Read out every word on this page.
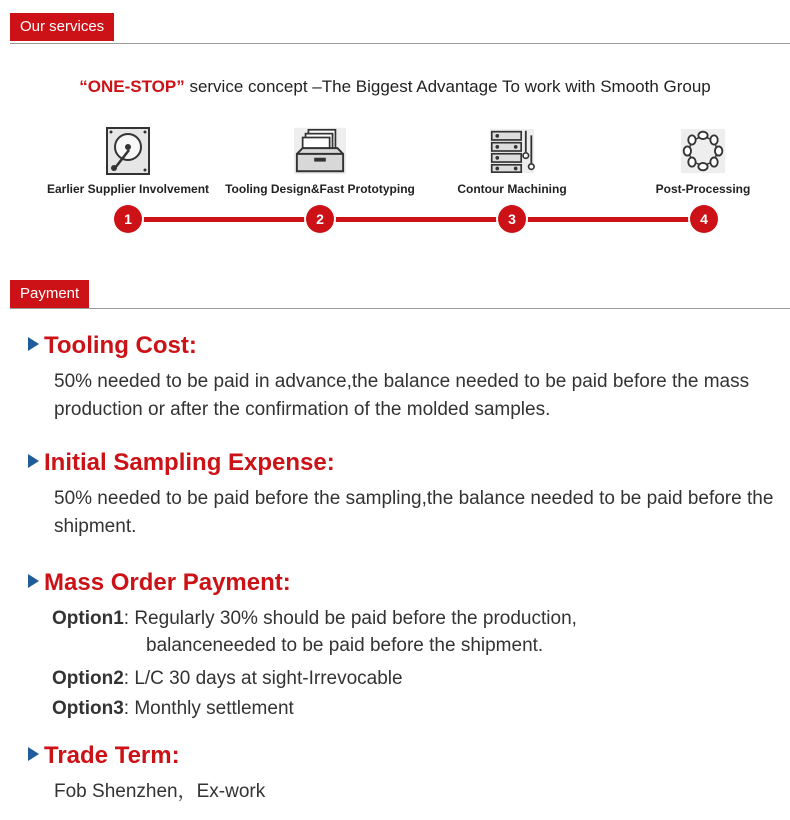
Our services
“ONE-STOP” service concept –The Biggest Advantage To work with Smooth Group
Earlier Supplier Involvement	Tooling Design&Fast Prototyping	Contour Machining	Post-Processing
1	2	3	4
Payment
Tooling Cost:
50% needed to be paid in advance,the balance needed to be paid before the mass production or after the confirmation of the molded samples.
Initial Sampling Expense:
50% needed to be paid before the sampling,the balance needed to be paid before the shipment.
Mass Order Payment:
Option1: Regularly 30% should be paid before the production,
balanceneeded to be paid before the shipment.
Option2: L/C 30 days at sight-Irrevocable
Option3: Monthly settlement
Trade Term:
Fob Shenzhen，Ex-work
